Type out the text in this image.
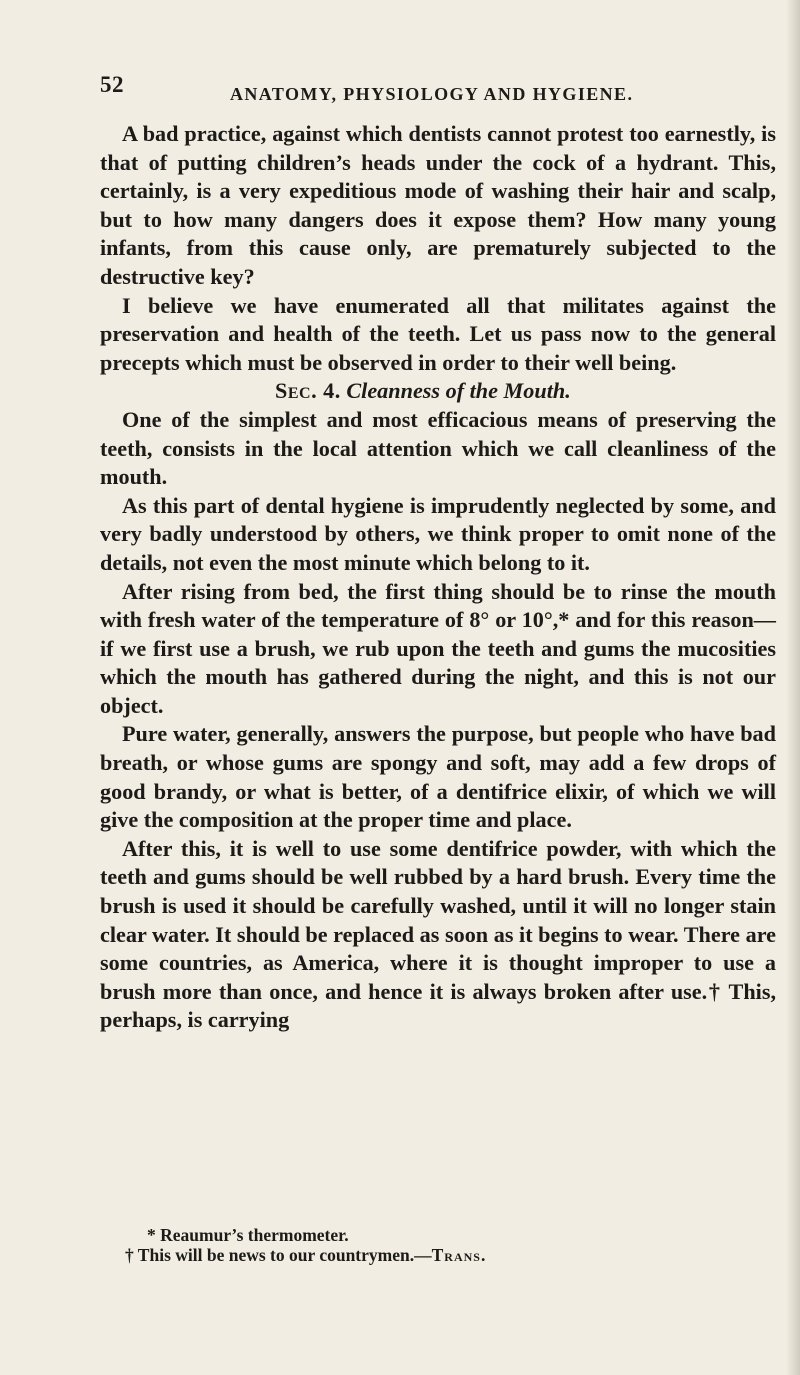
52	ANATOMY, PHYSIOLOGY AND HYGIENE.

A bad practice, against which dentists cannot protest too earnestly, is that of putting children’s heads under the cock of a hydrant. This, certainly, is a very expeditious mode of washing their hair and scalp, but to how many dangers does it expose them? How many young infants, from this cause only, are prematurely subjected to the destructive key?

I believe we have enumerated all that militates against the preservation and health of the teeth. Let us pass now to the general precepts which must be observed in order to their well being.

Sec. 4. Cleanness of the Mouth.

One of the simplest and most efficacious means of preserving the teeth, consists in the local attention which we call cleanliness of the mouth.

As this part of dental hygiene is imprudently neglected by some, and very badly understood by others, we think proper to omit none of the details, not even the most minute which belong to it.

After rising from bed, the first thing should be to rinse the mouth with fresh water of the temperature of 8° or 10°,* and for this reason—if we first use a brush, we rub upon the teeth and gums the mucosities which the mouth has gathered during the night, and this is not our object.

Pure water, generally, answers the purpose, but people who have bad breath, or whose gums are spongy and soft, may add a few drops of good brandy, or what is better, of a dentifrice elixir, of which we will give the composition at the proper time and place.

After this, it is well to use some dentifrice powder, with which the teeth and gums should be well rubbed by a hard brush. Every time the brush is used it should be carefully washed, until it will no longer stain clear water. It should be replaced as soon as it begins to wear. There are some countries, as America, where it is thought improper to use a brush more than once, and hence it is always broken after use.† This, perhaps, is carrying

* Reaumur’s thermometer.
† This will be news to our countrymen.—Trans.
